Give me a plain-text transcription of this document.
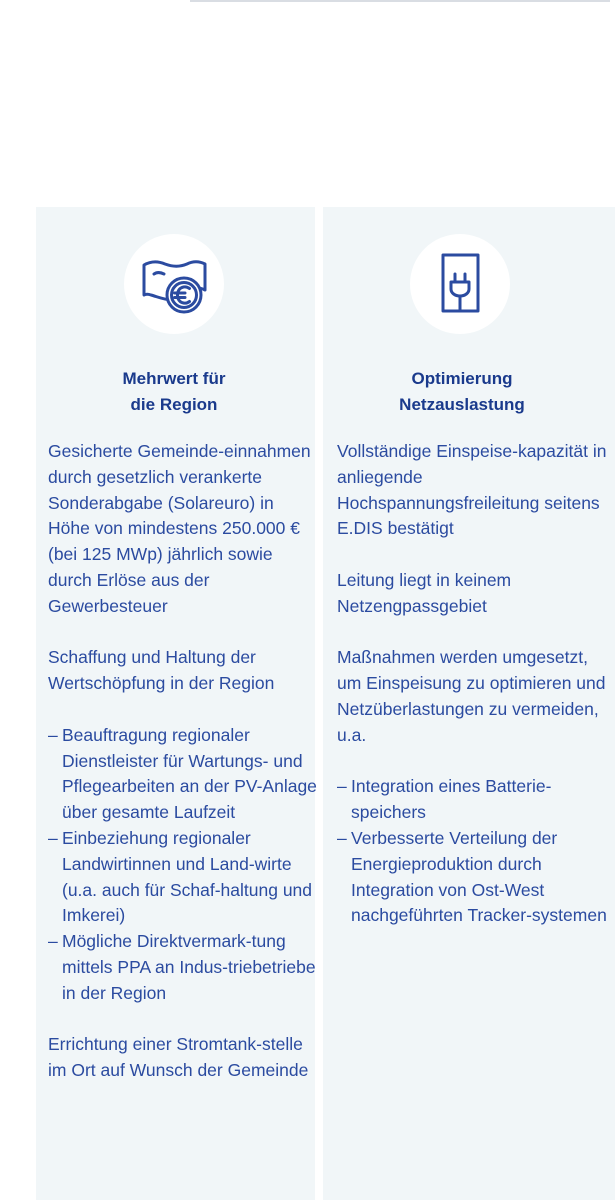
Mehrwert für
die Region

Gesicherte Gemeinde-einnahmen durch gesetzlich verankerte Sonderabgabe (Solareuro) in Höhe von mindestens 250.000 € (bei 125 MWp) jährlich sowie durch Erlöse aus der Gewerbesteuer

Schaffung und Haltung der Wertschöpfung in der Region

– Beauftragung regionaler Dienstleister für Wartungs- und Pflegearbeiten an der PV-Anlage über gesamte Laufzeit
– Einbeziehung regionaler Landwirtinnen und Land-wirte (u.a. auch für Schaf-haltung und Imkerei)
– Mögliche Direktvermark-tung mittels PPA an Indus-triebetriebe in der Region

Errichtung einer Stromtank-stelle im Ort auf Wunsch der Gemeinde

Optimierung
Netzauslastung

Vollständige Einspeise-kapazität in anliegende Hochspannungsfreileitung seitens E.DIS bestätigt

Leitung liegt in keinem Netzengpassgebiet

Maßnahmen werden umgesetzt, um Einspeisung zu optimieren und Netzüberlastungen zu vermeiden, u.a.

– Integration eines Batterie-speichers
– Verbesserte Verteilung der Energieproduktion durch Integration von Ost-West nachgeführten Tracker-systemen
